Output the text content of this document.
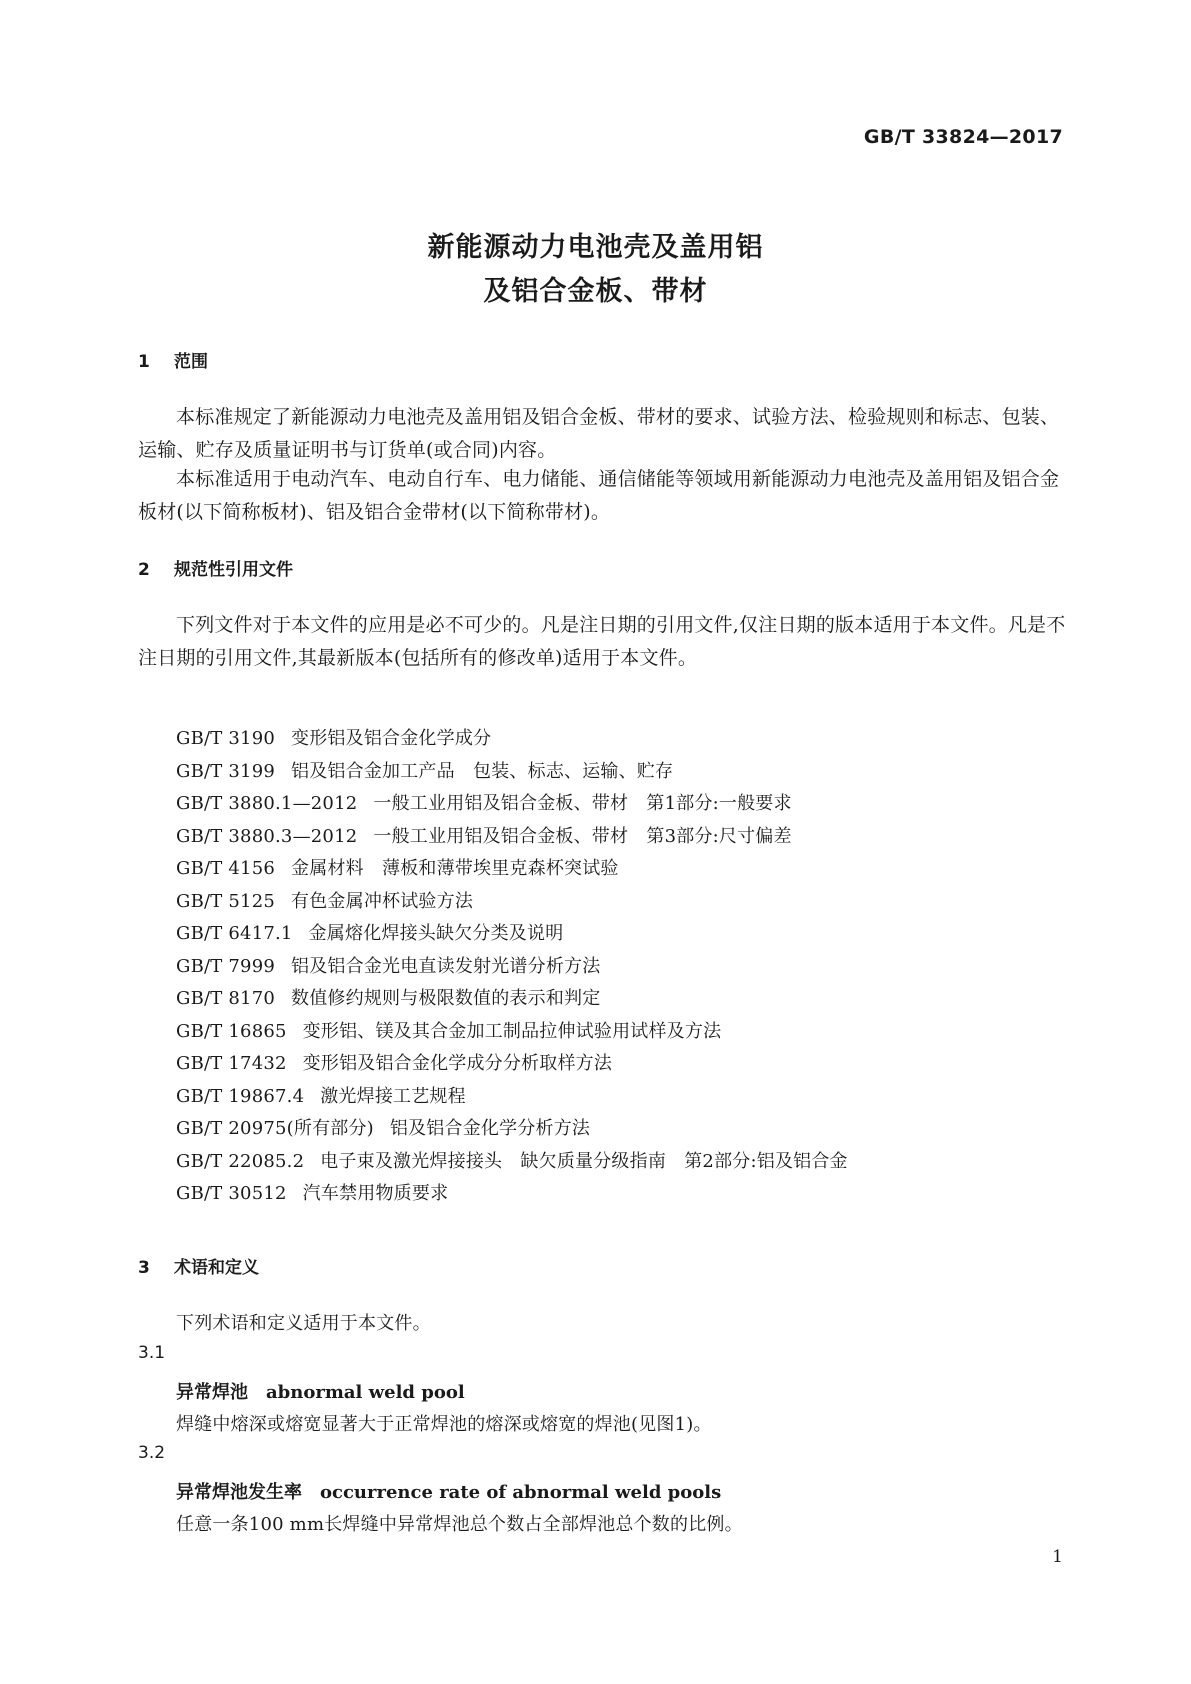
GB/T 33824—2017
新能源动力电池壳及盖用铝
及铝合金板、带材
1 范围

本标准规定了新能源动力电池壳及盖用铝及铝合金板、带材的要求、试验方法、检验规则和标志、包装、运输、贮存及质量证明书与订货单(或合同)内容。

本标准适用于电动汽车、电动自行车、电力储能、通信储能等领域用新能源动力电池壳及盖用铝及铝合金板材(以下简称板材)、铝及铝合金带材(以下简称带材)。

2 规范性引用文件

下列文件对于本文件的应用是必不可少的。凡是注日期的引用文件,仅注日期的版本适用于本文件。凡是不注日期的引用文件,其最新版本(包括所有的修改单)适用于本文件。

GB/T 3190 变形铝及铝合金化学成分
GB/T 3199 铝及铝合金加工产品　包装、标志、运输、贮存
GB/T 3880.1—2012 一般工业用铝及铝合金板、带材　第1部分:一般要求
GB/T 3880.3—2012 一般工业用铝及铝合金板、带材　第3部分:尺寸偏差
GB/T 4156 金属材料　薄板和薄带埃里克森杯突试验
GB/T 5125 有色金属冲杯试验方法
GB/T 6417.1 金属熔化焊接头缺欠分类及说明
GB/T 7999 铝及铝合金光电直读发射光谱分析方法
GB/T 8170 数值修约规则与极限数值的表示和判定
GB/T 16865 变形铝、镁及其合金加工制品拉伸试验用试样及方法
GB/T 17432 变形铝及铝合金化学成分分析取样方法
GB/T 19867.4 激光焊接工艺规程
GB/T 20975(所有部分) 铝及铝合金化学分析方法
GB/T 22085.2 电子束及激光焊接接头　缺欠质量分级指南　第2部分:铝及铝合金
GB/T 30512 汽车禁用物质要求
3 术语和定义
下列术语和定义适用于本文件。
3.1
异常焊池 abnormal weld pool
焊缝中熔深或熔宽显著大于正常焊池的熔深或熔宽的焊池(见图1)。
3.2
异常焊池发生率 occurrence rate of abnormal weld pools
任意一条100 mm长焊缝中异常焊池总个数占全部焊池总个数的比例。
1
